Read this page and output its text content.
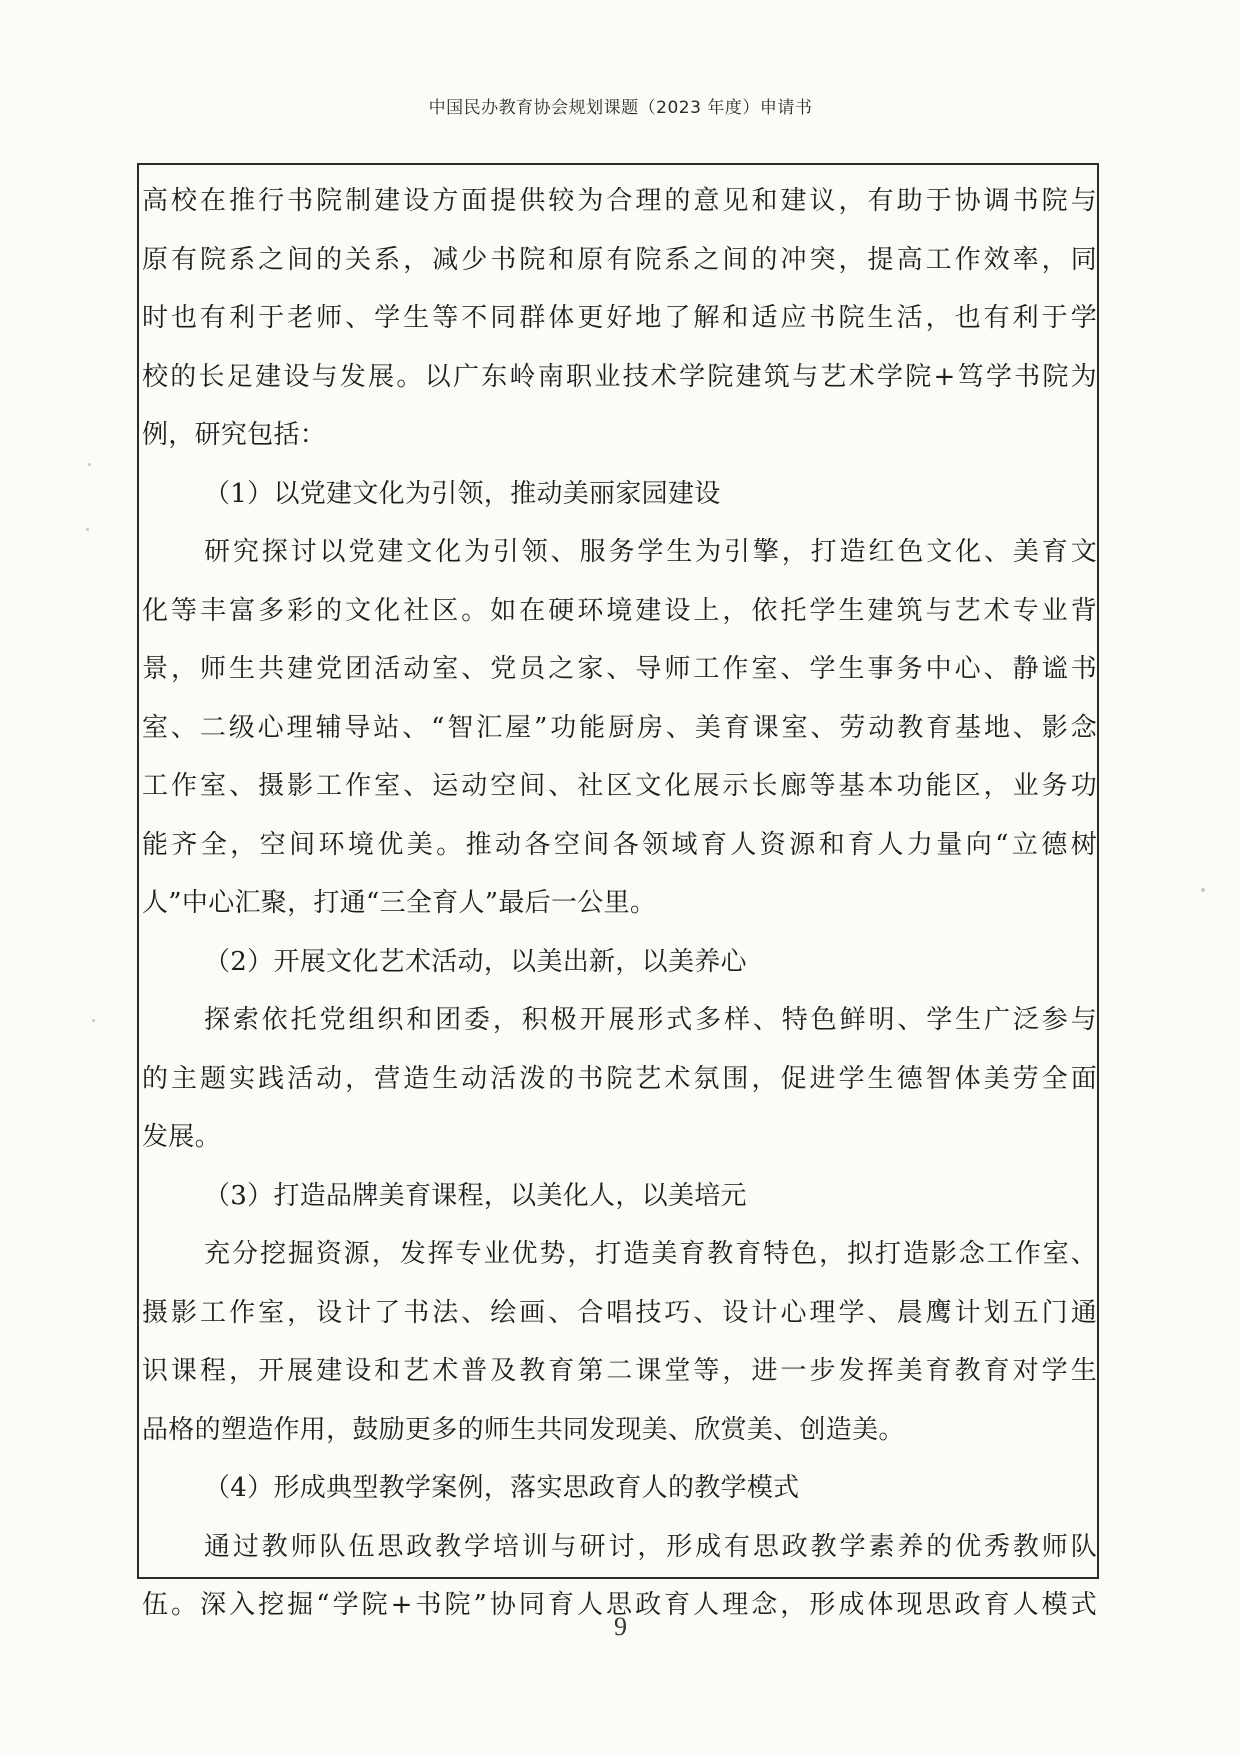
中国民办教育协会规划课题（2023 年度）申请书
高校在推行书院制建设方面提供较为合理的意见和建议，有助于协调书院与
原有院系之间的关系，减少书院和原有院系之间的冲突，提高工作效率，同
时也有利于老师、学生等不同群体更好地了解和适应书院生活，也有利于学
校的长足建设与发展。以广东岭南职业技术学院建筑与艺术学院+笃学书院为
例，研究包括：
（1）以党建文化为引领，推动美丽家园建设
研究探讨以党建文化为引领、服务学生为引擎，打造红色文化、美育文
化等丰富多彩的文化社区。如在硬环境建设上，依托学生建筑与艺术专业背
景，师生共建党团活动室、党员之家、导师工作室、学生事务中心、静谧书
室、二级心理辅导站、“智汇屋”功能厨房、美育课室、劳动教育基地、影念
工作室、摄影工作室、运动空间、社区文化展示长廊等基本功能区，业务功
能齐全，空间环境优美。推动各空间各领域育人资源和育人力量向“立德树
人”中心汇聚，打通“三全育人”最后一公里。
（2）开展文化艺术活动，以美出新，以美养心
探索依托党组织和团委，积极开展形式多样、特色鲜明、学生广泛参与
的主题实践活动，营造生动活泼的书院艺术氛围，促进学生德智体美劳全面
发展。
（3）打造品牌美育课程，以美化人，以美培元
充分挖掘资源，发挥专业优势，打造美育教育特色，拟打造影念工作室、
摄影工作室，设计了书法、绘画、合唱技巧、设计心理学、晨鹰计划五门通
识课程，开展建设和艺术普及教育第二课堂等，进一步发挥美育教育对学生
品格的塑造作用，鼓励更多的师生共同发现美、欣赏美、创造美。
（4）形成典型教学案例，落实思政育人的教学模式
通过教师队伍思政教学培训与研讨，形成有思政教学素养的优秀教师队
伍。深入挖掘“学院+书院”协同育人思政育人理念，形成体现思政育人模式
9
